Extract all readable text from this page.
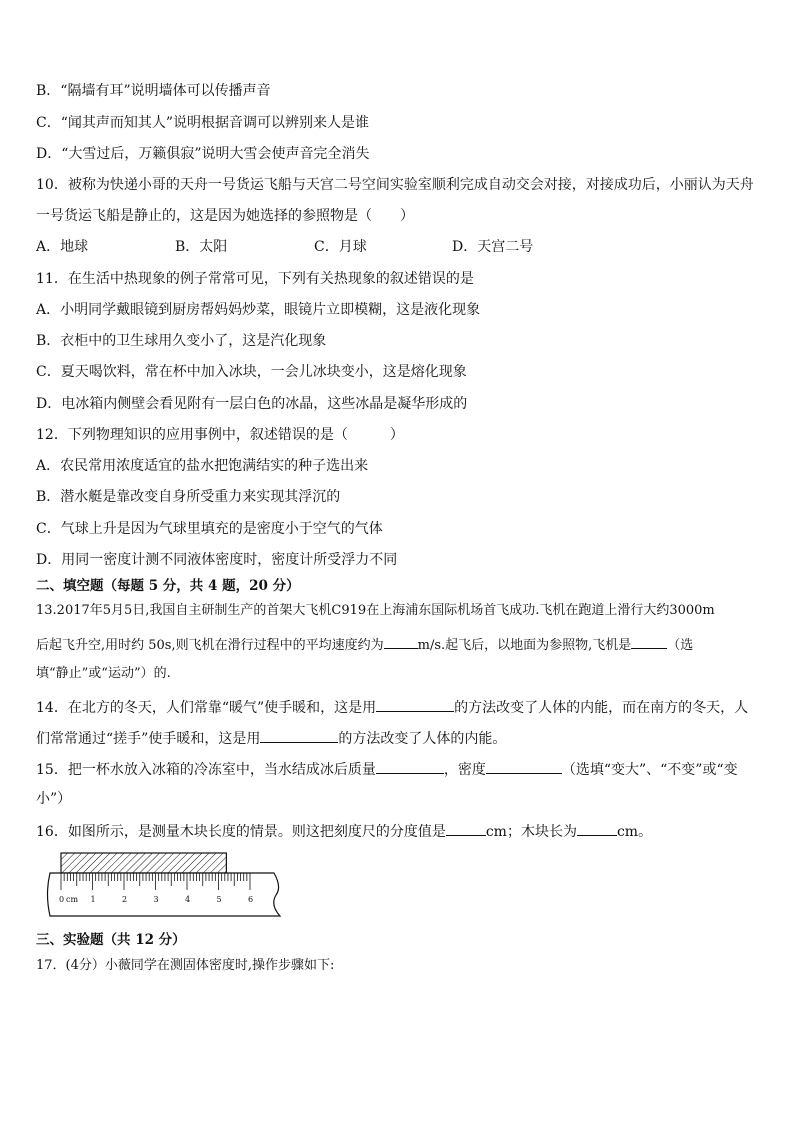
B．“隔墙有耳”说明墙体可以传播声音
C．“闻其声而知其人”说明根据音调可以辨别来人是谁
D．“大雪过后，万籁俱寂”说明大雪会使声音完全消失
10．被称为快递小哥的天舟一号货运飞船与天宫二号空间实验室顺利完成自动交会对接，对接成功后，小丽认为天舟
一号货运飞船是静止的，这是因为她选择的参照物是（　　）
A．地球	B．太阳	C．月球	D．天宫二号
11．在生活中热现象的例子常常可见，下列有关热现象的叙述错误的是
A．小明同学戴眼镜到厨房帮妈妈炒菜，眼镜片立即模糊，这是液化现象
B．衣柜中的卫生球用久变小了，这是汽化现象
C．夏天喝饮料，常在杯中加入冰块，一会儿冰块变小，这是熔化现象
D．电冰箱内侧壁会看见附有一层白色的冰晶，这些冰晶是凝华形成的
12．下列物理知识的应用事例中，叙述错误的是（　　　）
A．农民常用浓度适宜的盐水把饱满结实的种子选出来
B．潜水艇是靠改变自身所受重力来实现其浮沉的
C．气球上升是因为气球里填充的是密度小于空气的气体
D．用同一密度计测不同液体密度时，密度计所受浮力不同
二、填空题（每题 5 分，共 4 题，20 分）
13.2017年5月5日,我国自主研制生产的首架大飞机C919在上海浦东国际机场首飞成功.飞机在跑道上滑行大约3000m
后起飞升空,用时约 50s,则飞机在滑行过程中的平均速度约为	m/s.起飞后，以地面为参照物,飞机是	（选
填“静止”或“运动”）的.
14．在北方的冬天，人们常靠“暖气”使手暖和，这是用	的方法改变了人体的内能，而在南方的冬天，人
们常常通过“搓手”使手暖和，这是用	的方法改变了人体的内能。
15．把一杯水放入冰箱的冷冻室中，当水结成冰后质量	，密度	（选填“变大”、“不变”或“变
小”）
16．如图所示，是测量木块长度的情景。则这把刻度尺的分度值是	cm；木块长为	cm。
0	1	2	3	4	5	6
cm
三、实验题（共 12 分）
17．(4分）小薇同学在测固体密度时,操作步骤如下:
